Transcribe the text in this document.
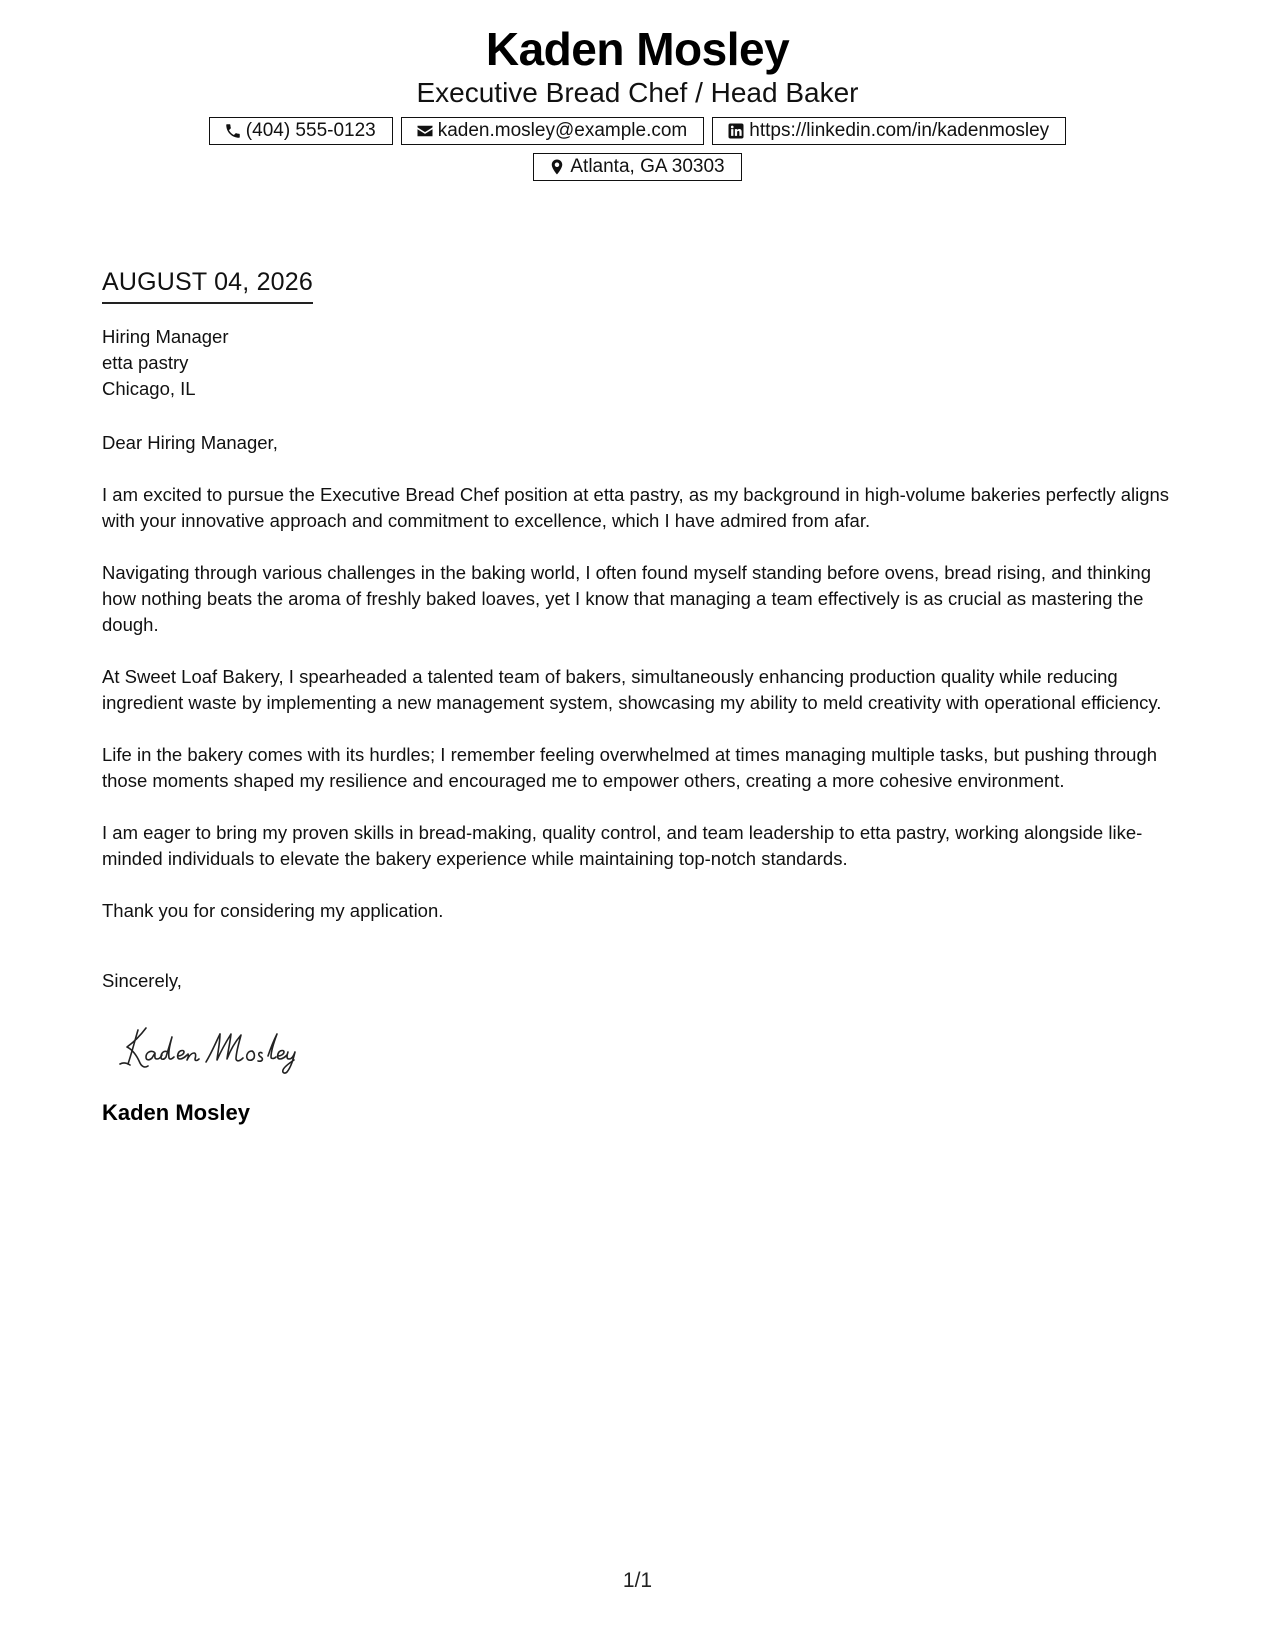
Kaden Mosley
Executive Bread Chef / Head Baker
(404) 555-0123	kaden.mosley@example.com	https://linkedin.com/in/kadenmosley
Atlanta, GA 30303
AUGUST 04, 2026
Hiring Manager
etta pastry
Chicago, IL
Dear Hiring Manager,
I am excited to pursue the Executive Bread Chef position at etta pastry, as my background in high-volume bakeries perfectly aligns with your innovative approach and commitment to excellence, which I have admired from afar.
Navigating through various challenges in the baking world, I often found myself standing before ovens, bread rising, and thinking how nothing beats the aroma of freshly baked loaves, yet I know that managing a team effectively is as crucial as mastering the dough.
At Sweet Loaf Bakery, I spearheaded a talented team of bakers, simultaneously enhancing production quality while reducing ingredient waste by implementing a new management system, showcasing my ability to meld creativity with operational efficiency.
Life in the bakery comes with its hurdles; I remember feeling overwhelmed at times managing multiple tasks, but pushing through those moments shaped my resilience and encouraged me to empower others, creating a more cohesive environment.
I am eager to bring my proven skills in bread-making, quality control, and team leadership to etta pastry, working alongside like-minded individuals to elevate the bakery experience while maintaining top-notch standards.
Thank you for considering my application.
Sincerely,
Kaden Mosley
1/1
